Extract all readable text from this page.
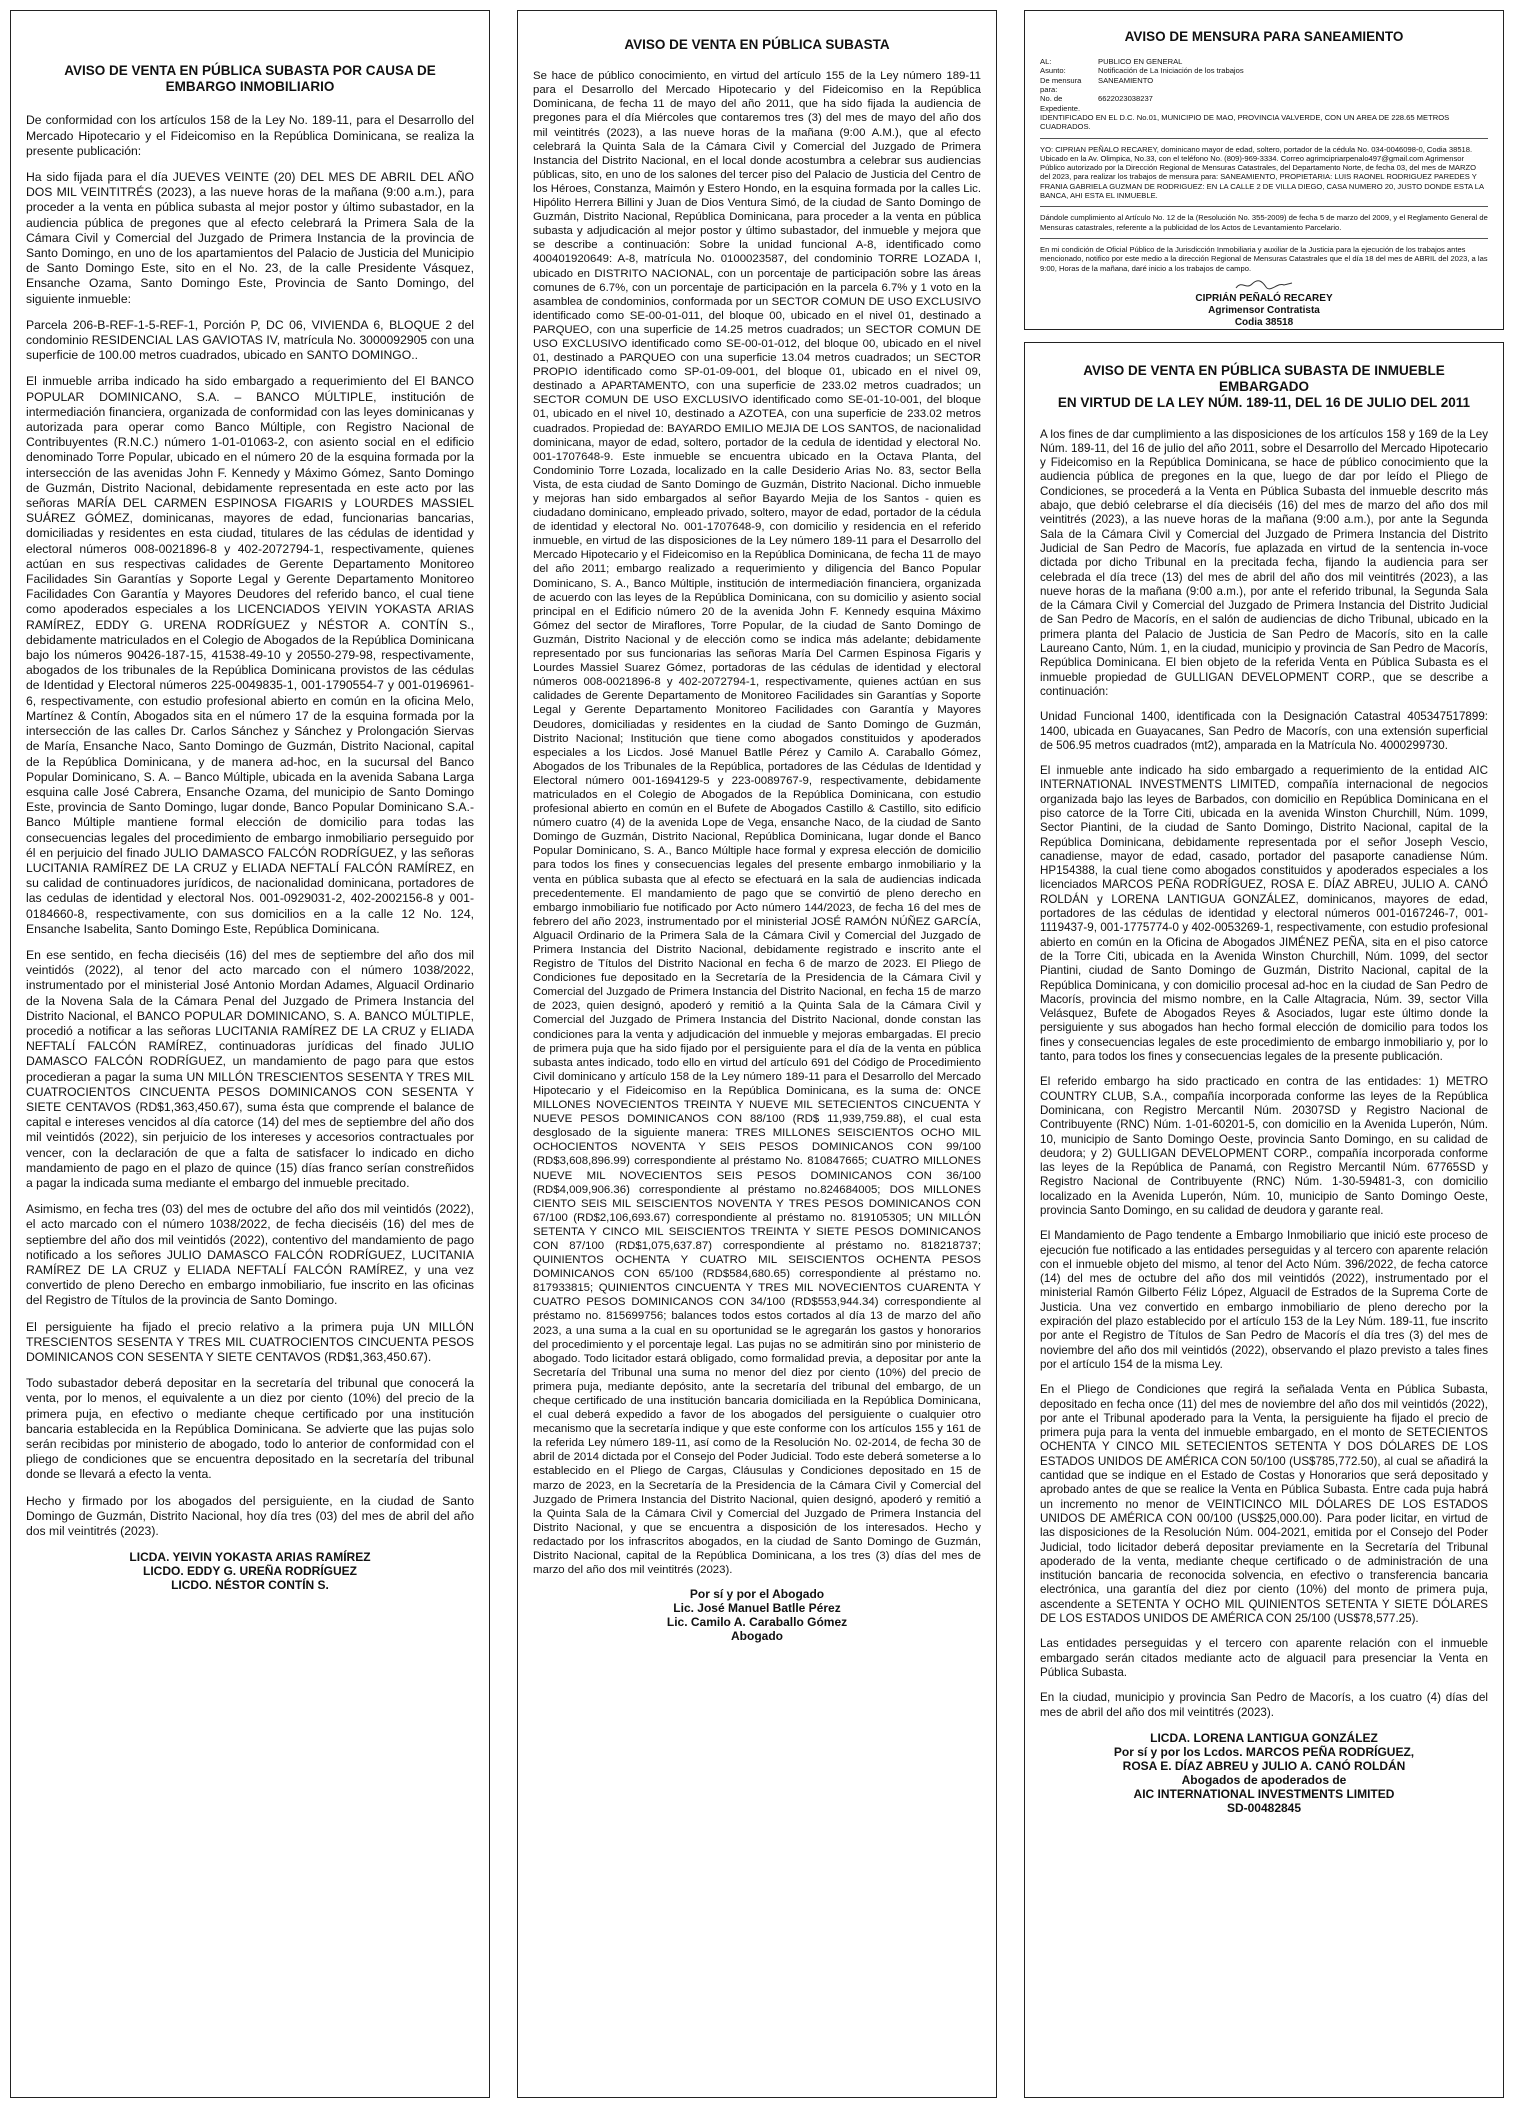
AVISO DE VENTA EN PÚBLICA SUBASTA POR CAUSA DE
EMBARGO INMOBILIARIO

De conformidad con los artículos 158 de la Ley No. 189-11, para el Desarrollo del Mercado Hipotecario y el Fideicomiso en la República Dominicana, se realiza la presente publicación:

Ha sido fijada para el día JUEVES VEINTE (20) DEL MES DE ABRIL DEL AÑO DOS MIL VEINTITRÉS (2023), a las nueve horas de la mañana (9:00 a.m.), para proceder a la venta en pública subasta al mejor postor y último subastador, en la audiencia pública de pregones que al efecto celebrará la Primera Sala de la Cámara Civil y Comercial del Juzgado de Primera Instancia de la provincia de Santo Domingo, en uno de los apartamientos del Palacio de Justicia del Municipio de Santo Domingo Este, sito en el No. 23, de la calle Presidente Vásquez, Ensanche Ozama, Santo Domingo Este, Provincia de Santo Domingo, del siguiente inmueble:

Parcela 206-B-REF-1-5-REF-1, Porción P, DC 06, VIVIENDA 6, BLOQUE 2 del condominio RESIDENCIAL LAS GAVIOTAS IV, matrícula No. 3000092905 con una superficie de 100.00 metros cuadrados, ubicado en SANTO DOMINGO..

El inmueble arriba indicado ha sido embargado a requerimiento del El BANCO POPULAR DOMINICANO, S.A. – BANCO MÚLTIPLE, institución de intermediación financiera, organizada de conformidad con las leyes dominicanas y autorizada para operar como Banco Múltiple, con Registro Nacional de Contribuyentes (R.N.C.) número 1-01-01063-2, con asiento social en el edificio denominado Torre Popular, ubicado en el número 20 de la esquina formada por la intersección de las avenidas John F. Kennedy y Máximo Gómez, Santo Domingo de Guzmán, Distrito Nacional, debidamente representada en este acto por las señoras MARÍA DEL CARMEN ESPINOSA FIGARIS y LOURDES MASSIEL SUÁREZ GÓMEZ, dominicanas, mayores de edad, funcionarias bancarias, domiciliadas y residentes en esta ciudad, titulares de las cédulas de identidad y electoral números 008-0021896-8 y 402-2072794-1, respectivamente, quienes actúan en sus respectivas calidades de Gerente Departamento Monitoreo Facilidades Sin Garantías y Soporte Legal y Gerente Departamento Monitoreo Facilidades Con Garantía y Mayores Deudores del referido banco, el cual tiene como apoderados especiales a los LICENCIADOS YEIVIN YOKASTA ARIAS RAMÍREZ, EDDY G. URENA RODRÍGUEZ y NÉSTOR A. CONTÍN S., debidamente matriculados en el Colegio de Abogados de la República Dominicana bajo los números 90426-187-15, 41538-49-10 y 20550-279-98, respectivamente, abogados de los tribunales de la República Dominicana provistos de las cédulas de Identidad y Electoral números 225-0049835-1, 001-1790554-7 y 001-0196961-6, respectivamente, con estudio profesional abierto en común en la oficina Melo, Martínez & Contín, Abogados sita en el número 17 de la esquina formada por la intersección de las calles Dr. Carlos Sánchez y Sánchez y Prolongación Siervas de María, Ensanche Naco, Santo Domingo de Guzmán, Distrito Nacional, capital de la República Dominicana, y de manera ad-hoc, en la sucursal del Banco Popular Dominicano, S. A. – Banco Múltiple, ubicada en la avenida Sabana Larga esquina calle José Cabrera, Ensanche Ozama, del municipio de Santo Domingo Este, provincia de Santo Domingo, lugar donde, Banco Popular Dominicano S.A.- Banco Múltiple mantiene formal elección de domicilio para todas las consecuencias legales del procedimiento de embargo inmobiliario perseguido por él en perjuicio del finado JULIO DAMASCO FALCÓN RODRÍGUEZ, y las señoras LUCITANIA RAMÍREZ DE LA CRUZ y ELIADA NEFTALÍ FALCÓN RAMÍREZ, en su calidad de continuadores jurídicos, de nacionalidad dominicana, portadores de las cedulas de identidad y electoral Nos. 001-0929031-2, 402-2002156-8 y 001-0184660-8, respectivamente, con sus domicilios en a la calle 12 No. 124, Ensanche Isabelita, Santo Domingo Este, República Dominicana.

En ese sentido, en fecha dieciséis (16) del mes de septiembre del año dos mil veintidós (2022), al tenor del acto marcado con el número 1038/2022, instrumentado por el ministerial José Antonio Mordan Adames, Alguacil Ordinario de la Novena Sala de la Cámara Penal del Juzgado de Primera Instancia del Distrito Nacional, el BANCO POPULAR DOMINICANO, S. A. BANCO MÚLTIPLE, procedió a notificar a las señoras LUCITANIA RAMÍREZ DE LA CRUZ y ELIADA NEFTALÍ FALCÓN RAMÍREZ, continuadoras jurídicas del finado JULIO DAMASCO FALCÓN RODRÍGUEZ, un mandamiento de pago para que estos procedieran a pagar la suma UN MILLÓN TRESCIENTOS SESENTA Y TRES MIL CUATROCIENTOS CINCUENTA PESOS DOMINICANOS CON SESENTA Y SIETE CENTAVOS (RD$1,363,450.67), suma ésta que comprende el balance de capital e intereses vencidos al día catorce (14) del mes de septiembre del año dos mil veintidós (2022), sin perjuicio de los intereses y accesorios contractuales por vencer, con la declaración de que a falta de satisfacer lo indicado en dicho mandamiento de pago en el plazo de quince (15) días franco serían constreñidos a pagar la indicada suma mediante el embargo del inmueble precitado.

Asimismo, en fecha tres (03) del mes de octubre del año dos mil veintidós (2022), el acto marcado con el número 1038/2022, de fecha dieciséis (16) del mes de septiembre del año dos mil veintidós (2022), contentivo del mandamiento de pago notificado a los señores JULIO DAMASCO FALCÓN RODRÍGUEZ, LUCITANIA RAMÍREZ DE LA CRUZ y ELIADA NEFTALÍ FALCÓN RAMÍREZ, y una vez convertido de pleno Derecho en embargo inmobiliario, fue inscrito en las oficinas del Registro de Títulos de la provincia de Santo Domingo.

El persiguiente ha fijado el precio relativo a la primera puja UN MILLÓN TRESCIENTOS SESENTA Y TRES MIL CUATROCIENTOS CINCUENTA PESOS DOMINICANOS CON SESENTA Y SIETE CENTAVOS (RD$1,363,450.67).

Todo subastador deberá depositar en la secretaría del tribunal que conocerá la venta, por lo menos, el equivalente a un diez por ciento (10%) del precio de la primera puja, en efectivo o mediante cheque certificado por una institución bancaria establecida en la República Dominicana. Se advierte que las pujas solo serán recibidas por ministerio de abogado, todo lo anterior de conformidad con el pliego de condiciones que se encuentra depositado en la secretaría del tribunal donde se llevará a efecto la venta.

Hecho y firmado por los abogados del persiguiente, en la ciudad de Santo Domingo de Guzmán, Distrito Nacional, hoy día tres (03) del mes de abril del año dos mil veintitrés (2023).

LICDA. YEIVIN YOKASTA ARIAS RAMÍREZ
LICDO. EDDY G. UREÑA RODRÍGUEZ
LICDO. NÉSTOR CONTÍN S.
AVISO DE VENTA EN PÚBLICA SUBASTA

Se hace de público conocimiento, en virtud del artículo 155 de la Ley número 189-11 para el Desarrollo del Mercado Hipotecario y del Fideicomiso en la República Dominicana, de fecha 11 de mayo del año 2011, que ha sido fijada la audiencia de pregones para el día Miércoles que contaremos tres (3) del mes de mayo del año dos mil veintitrés (2023), a las nueve horas de la mañana (9:00 A.M.), que al efecto celebrará la Quinta Sala de la Cámara Civil y Comercial del Juzgado de Primera Instancia del Distrito Nacional, en el local donde acostumbra a celebrar sus audiencias públicas, sito, en uno de los salones del tercer piso del Palacio de Justicia del Centro de los Héroes, Constanza, Maimón y Estero Hondo, en la esquina formada por la calles Lic. Hipólito Herrera Billini y Juan de Dios Ventura Simó, de la ciudad de Santo Domingo de Guzmán, Distrito Nacional, República Dominicana, para proceder a la venta en pública subasta y adjudicación al mejor postor y último subastador, del inmueble y mejora que se describe a continuación: Sobre la unidad funcional A-8, identificado como 400401920649: A-8, matrícula No. 0100023587, del condominio TORRE LOZADA I, ubicado en DISTRITO NACIONAL, con un porcentaje de participación sobre las áreas comunes de 6.7%, con un porcentaje de participación en la parcela 6.7% y 1 voto en la asamblea de condominios, conformada por un SECTOR COMUN DE USO EXCLUSIVO identificado como SE-00-01-011, del bloque 00, ubicado en el nivel 01, destinado a PARQUEO, con una superficie de 14.25 metros cuadrados; un SECTOR COMUN DE USO EXCLUSIVO identificado como SE-00-01-012, del bloque 00, ubicado en el nivel 01, destinado a PARQUEO con una superficie 13.04 metros cuadrados; un SECTOR PROPIO identificado como SP-01-09-001, del bloque 01, ubicado en el nivel 09, destinado a APARTAMENTO, con una superficie de 233.02 metros cuadrados; un SECTOR COMUN DE USO EXCLUSIVO identificado como SE-01-10-001, del bloque 01, ubicado en el nivel 10, destinado a AZOTEA, con una superficie de 233.02 metros cuadrados. Propiedad de: BAYARDO EMILIO MEJIA DE LOS SANTOS, de nacionalidad dominicana, mayor de edad, soltero, portador de la cedula de identidad y electoral No. 001-1707648-9. Este inmueble se encuentra ubicado en la Octava Planta, del Condominio Torre Lozada, localizado en la calle Desiderio Arias No. 83, sector Bella Vista, de esta ciudad de Santo Domingo de Guzmán, Distrito Nacional. Dicho inmueble y mejoras han sido embargados al señor Bayardo Mejia de los Santos - quien es ciudadano dominicano, empleado privado, soltero, mayor de edad, portador de la cédula de identidad y electoral No. 001-1707648-9, con domicilio y residencia en el referido inmueble, en virtud de las disposiciones de la Ley número 189-11 para el Desarrollo del Mercado Hipotecario y el Fideicomiso en la República Dominicana, de fecha 11 de mayo del año 2011; embargo realizado a requerimiento y diligencia del Banco Popular Dominicano, S. A., Banco Múltiple, institución de intermediación financiera, organizada de acuerdo con las leyes de la República Dominicana, con su domicilio y asiento social principal en el Edificio número 20 de la avenida John F. Kennedy esquina Máximo Gómez del sector de Miraflores, Torre Popular, de la ciudad de Santo Domingo de Guzmán, Distrito Nacional y de elección como se indica más adelante; debidamente representado por sus funcionarias las señoras María Del Carmen Espinosa Figaris y Lourdes Massiel Suarez Gómez, portadoras de las cédulas de identidad y electoral números 008-0021896-8 y 402-2072794-1, respectivamente, quienes actúan en sus calidades de Gerente Departamento de Monitoreo Facilidades sin Garantías y Soporte Legal y Gerente Departamento Monitoreo Facilidades con Garantía y Mayores Deudores, domiciliadas y residentes en la ciudad de Santo Domingo de Guzmán, Distrito Nacional; Institución que tiene como abogados constituidos y apoderados especiales a los Licdos. José Manuel Batlle Pérez y Camilo A. Caraballo Gómez, Abogados de los Tribunales de la República, portadores de las Cédulas de Identidad y Electoral número 001-1694129-5 y 223-0089767-9, respectivamente, debidamente matriculados en el Colegio de Abogados de la República Dominicana, con estudio profesional abierto en común en el Bufete de Abogados Castillo & Castillo, sito edificio número cuatro (4) de la avenida Lope de Vega, ensanche Naco, de la ciudad de Santo Domingo de Guzmán, Distrito Nacional, República Dominicana, lugar donde el Banco Popular Dominicano, S. A., Banco Múltiple hace formal y expresa elección de domicilio para todos los fines y consecuencias legales del presente embargo inmobiliario y la venta en pública subasta que al efecto se efectuará en la sala de audiencias indicada precedentemente. El mandamiento de pago que se convirtió de pleno derecho en embargo inmobiliario fue notificado por Acto número 144/2023, de fecha 16 del mes de febrero del año 2023, instrumentado por el ministerial JOSÉ RAMÓN NÚÑEZ GARCÍA, Alguacil Ordinario de la Primera Sala de la Cámara Civil y Comercial del Juzgado de Primera Instancia del Distrito Nacional, debidamente registrado e inscrito ante el Registro de Títulos del Distrito Nacional en fecha 6 de marzo de 2023. El Pliego de Condiciones fue depositado en la Secretaría de la Presidencia de la Cámara Civil y Comercial del Juzgado de Primera Instancia del Distrito Nacional, en fecha 15 de marzo de 2023, quien designó, apoderó y remitió a la Quinta Sala de la Cámara Civil y Comercial del Juzgado de Primera Instancia del Distrito Nacional, donde constan las condiciones para la venta y adjudicación del inmueble y mejoras embargadas. El precio de primera puja que ha sido fijado por el persiguiente para el día de la venta en pública subasta antes indicado, todo ello en virtud del artículo 691 del Código de Procedimiento Civil dominicano y artículo 158 de la Ley número 189-11 para el Desarrollo del Mercado Hipotecario y el Fideicomiso en la República Dominicana, es la suma de: ONCE MILLONES NOVECIENTOS TREINTA Y NUEVE MIL SETECIENTOS CINCUENTA Y NUEVE PESOS DOMINICANOS CON 88/100 (RD$ 11,939,759.88), el cual esta desglosado de la siguiente manera: TRES MILLONES SEISCIENTOS OCHO MIL OCHOCIENTOS NOVENTA Y SEIS PESOS DOMINICANOS CON 99/100 (RD$3,608,896.99) correspondiente al préstamo No. 810847665; CUATRO MILLONES NUEVE MIL NOVECIENTOS SEIS PESOS DOMINICANOS CON 36/100 (RD$4,009,906.36) correspondiente al préstamo no.824684005; DOS MILLONES CIENTO SEIS MIL SEISCIENTOS NOVENTA Y TRES PESOS DOMINICANOS CON 67/100 (RD$2,106,693.67) correspondiente al préstamo no. 819105305; UN MILLÓN SETENTA Y CINCO MIL SEISCIENTOS TREINTA Y SIETE PESOS DOMINICANOS CON 87/100 (RD$1,075,637.87) correspondiente al préstamo no. 818218737; QUINIENTOS OCHENTA Y CUATRO MIL SEISCIENTOS OCHENTA PESOS DOMINICANOS CON 65/100 (RD$584,680.65) correspondiente al préstamo no. 817933815; QUINIENTOS CINCUENTA Y TRES MIL NOVECIENTOS CUARENTA Y CUATRO PESOS DOMINICANOS CON 34/100 (RD$553,944.34) correspondiente al préstamo no. 815699756; balances todos estos cortados al día 13 de marzo del año 2023, a una suma a la cual en su oportunidad se le agregarán los gastos y honorarios del procedimiento y el porcentaje legal. Las pujas no se admitirán sino por ministerio de abogado. Todo licitador estará obligado, como formalidad previa, a depositar por ante la Secretaría del Tribunal una suma no menor del diez por ciento (10%) del precio de primera puja, mediante depósito, ante la secretaría del tribunal del embargo, de un cheque certificado de una institución bancaria domiciliada en la República Dominicana, el cual deberá expedido a favor de los abogados del persiguiente o cualquier otro mecanismo que la secretaría indique y que este conforme con los artículos 155 y 161 de la referida Ley número 189-11, así como de la Resolución No. 02-2014, de fecha 30 de abril de 2014 dictada por el Consejo del Poder Judicial. Todo este deberá someterse a lo establecido en el Pliego de Cargas, Cláusulas y Condiciones depositado en 15 de marzo de 2023, en la Secretaría de la Presidencia de la Cámara Civil y Comercial del Juzgado de Primera Instancia del Distrito Nacional, quien designó, apoderó y remitió a la Quinta Sala de la Cámara Civil y Comercial del Juzgado de Primera Instancia del Distrito Nacional, y que se encuentra a disposición de los interesados. Hecho y redactado por los infrascritos abogados, en la ciudad de Santo Domingo de Guzmán, Distrito Nacional, capital de la República Dominicana, a los tres (3) días del mes de marzo del año dos mil veintitrés (2023).

Por sí y por el Abogado
Lic. José Manuel Batlle Pérez
Lic. Camilo A. Caraballo Gómez
Abogado
AVISO DE MENSURA PARA SANEAMIENTO
AL:	PUBLICO EN GENERAL
Asunto:	Notificación de La Iniciación de los trabajos
De mensura para:
SANEAMIENTO
No. de Expediente.
6622023038237

IDENTIFICADO EN EL D.C. No.01, MUNICIPIO DE MAO, PROVINCIA VALVERDE, CON UN AREA DE 228.65 METROS CUADRADOS.

YO: CIPRIAN PEÑALO RECAREY, dominicano mayor de edad, soltero, portador de la cédula No. 034-0046098-0, Codia 38518. Ubicado en la Av. Olimpica, No.33, con el teléfono No. (809)-969-3334. Correo agrimcipriarpenalo497@gmail.com Agrimensor Público autorizado por la Dirección Regional de Mensuras Catastrales, del Departamento Norte, de fecha 03, del mes de MARZO del 2023, para realizar los trabajos de mensura para: SANEAMIENTO, PROPIETARIA: LUIS RAONEL RODRIGUEZ PAREDES Y FRANIA GABRIELA GUZMAN DE RODRIGUEZ: EN LA CALLE 2 DE VILLA DIEGO, CASA NUMERO 20, JUSTO DONDE ESTA LA BANCA, AHI ESTA EL INMUEBLE.

Dándole cumplimiento al Artículo No. 12 de la (Resolución No. 355-2009) de fecha 5 de marzo del 2009, y el Reglamento General de Mensuras catastrales, referente a la publicidad de los Actos de Levantamiento Parcelario.

En mi condición de Oficial Público de la Jurisdicción Inmobiliaria y auxiliar de la Justicia para la ejecución de los trabajos antes mencionado, notifico por este medio a la dirección Regional de Mensuras Catastrales que el día 18 del mes de ABRIL del 2023, a las 9:00, Horas de la mañana, daré inicio a los trabajos de campo.

CIPRIÁN PEÑALÓ RECAREY
Agrimensor Contratista
Codia 38518
AVISO DE VENTA EN PÚBLICA SUBASTA DE INMUEBLE
EMBARGADO
EN VIRTUD DE LA LEY NÚM. 189-11, DEL 16 DE JULIO DEL 2011

A los fines de dar cumplimiento a las disposiciones de los artículos 158 y 169 de la Ley Núm. 189-11, del 16 de julio del año 2011, sobre el Desarrollo del Mercado Hipotecario y Fideicomiso en la República Dominicana, se hace de público conocimiento que la audiencia pública de pregones en la que, luego de dar por leído el Pliego de Condiciones, se procederá a la Venta en Pública Subasta del inmueble descrito más abajo, que debió celebrarse el día dieciséis (16) del mes de marzo del año dos mil veintitrés (2023), a las nueve horas de la mañana (9:00 a.m.), por ante la Segunda Sala de la Cámara Civil y Comercial del Juzgado de Primera Instancia del Distrito Judicial de San Pedro de Macorís, fue aplazada en virtud de la sentencia in-voce dictada por dicho Tribunal en la precitada fecha, fijando la audiencia para ser celebrada el día trece (13) del mes de abril del año dos mil veintitrés (2023), a las nueve horas de la mañana (9:00 a.m.), por ante el referido tribunal, la Segunda Sala de la Cámara Civil y Comercial del Juzgado de Primera Instancia del Distrito Judicial de San Pedro de Macorís, en el salón de audiencias de dicho Tribunal, ubicado en la primera planta del Palacio de Justicia de San Pedro de Macorís, sito en la calle Laureano Canto, Núm. 1, en la ciudad, municipio y provincia de San Pedro de Macorís, República Dominicana. El bien objeto de la referida Venta en Pública Subasta es el inmueble propiedad de GULLIGAN DEVELOPMENT CORP., que se describe a continuación:

Unidad Funcional 1400, identificada con la Designación Catastral 405347517899: 1400, ubicada en Guayacanes, San Pedro de Macorís, con una extensión superficial de 506.95 metros cuadrados (mt2), amparada en la Matrícula No. 4000299730.

El inmueble ante indicado ha sido embargado a requerimiento de la entidad AIC INTERNATIONAL INVESTMENTS LIMITED, compañía internacional de negocios organizada bajo las leyes de Barbados, con domicilio en República Dominicana en el piso catorce de la Torre Citi, ubicada en la avenida Winston Churchill, Núm. 1099, Sector Piantini, de la ciudad de Santo Domingo, Distrito Nacional, capital de la República Dominicana, debidamente representada por el señor Joseph Vescio, canadiense, mayor de edad, casado, portador del pasaporte canadiense Núm. HP154388, la cual tiene como abogados constituidos y apoderados especiales a los licenciados MARCOS PEÑA RODRÍGUEZ, ROSA E. DÍAZ ABREU, JULIO A. CANÓ ROLDÁN y LORENA LANTIGUA GONZÁLEZ, dominicanos, mayores de edad, portadores de las cédulas de identidad y electoral números 001-0167246-7, 001-1119437-9, 001-1775774-0 y 402-0053269-1, respectivamente, con estudio profesional abierto en común en la Oficina de Abogados JIMÉNEZ PEÑA, sita en el piso catorce de la Torre Citi, ubicada en la Avenida Winston Churchill, Núm. 1099, del sector Piantini, ciudad de Santo Domingo de Guzmán, Distrito Nacional, capital de la República Dominicana, y con domicilio procesal ad-hoc en la ciudad de San Pedro de Macorís, provincia del mismo nombre, en la Calle Altagracia, Núm. 39, sector Villa Velásquez, Bufete de Abogados Reyes & Asociados, lugar este último donde la persiguiente y sus abogados han hecho formal elección de domicilio para todos los fines y consecuencias legales de este procedimiento de embargo inmobiliario y, por lo tanto, para todos los fines y consecuencias legales de la presente publicación.

El referido embargo ha sido practicado en contra de las entidades: 1) METRO COUNTRY CLUB, S.A., compañía incorporada conforme las leyes de la República Dominicana, con Registro Mercantil Núm. 20307SD y Registro Nacional de Contribuyente (RNC) Núm. 1-01-60201-5, con domicilio en la Avenida Luperón, Núm. 10, municipio de Santo Domingo Oeste, provincia Santo Domingo, en su calidad de deudora; y 2) GULLIGAN DEVELOPMENT CORP., compañía incorporada conforme las leyes de la República de Panamá, con Registro Mercantil Núm. 67765SD y Registro Nacional de Contribuyente (RNC) Núm. 1-30-59481-3, con domicilio localizado en la Avenida Luperón, Núm. 10, municipio de Santo Domingo Oeste, provincia Santo Domingo, en su calidad de deudora y garante real.

El Mandamiento de Pago tendente a Embargo Inmobiliario que inició este proceso de ejecución fue notificado a las entidades perseguidas y al tercero con aparente relación con el inmueble objeto del mismo, al tenor del Acto Núm. 396/2022, de fecha catorce (14) del mes de octubre del año dos mil veintidós (2022), instrumentado por el ministerial Ramón Gilberto Féliz López, Alguacil de Estrados de la Suprema Corte de Justicia. Una vez convertido en embargo inmobiliario de pleno derecho por la expiración del plazo establecido por el artículo 153 de la Ley Núm. 189-11, fue inscrito por ante el Registro de Títulos de San Pedro de Macorís el día tres (3) del mes de noviembre del año dos mil veintidós (2022), observando el plazo previsto a tales fines por el artículo 154 de la misma Ley.

En el Pliego de Condiciones que regirá la señalada Venta en Pública Subasta, depositado en fecha once (11) del mes de noviembre del año dos mil veintidós (2022), por ante el Tribunal apoderado para la Venta, la persiguiente ha fijado el precio de primera puja para la venta del inmueble embargado, en el monto de SETECIENTOS OCHENTA Y CINCO MIL SETECIENTOS SETENTA Y DOS DÓLARES DE LOS ESTADOS UNIDOS DE AMÉRICA CON 50/100 (US$785,772.50), al cual se añadirá la cantidad que se indique en el Estado de Costas y Honorarios que será depositado y aprobado antes de que se realice la Venta en Pública Subasta. Entre cada puja habrá un incremento no menor de VEINTICINCO MIL DÓLARES DE LOS ESTADOS UNIDOS DE AMÉRICA CON 00/100 (US$25,000.00). Para poder licitar, en virtud de las disposiciones de la Resolución Núm. 004-2021, emitida por el Consejo del Poder Judicial, todo licitador deberá depositar previamente en la Secretaría del Tribunal apoderado de la venta, mediante cheque certificado o de administración de una institución bancaria de reconocida solvencia, en efectivo o transferencia bancaria electrónica, una garantía del diez por ciento (10%) del monto de primera puja, ascendente a SETENTA Y OCHO MIL QUINIENTOS SETENTA Y SIETE DÓLARES DE LOS ESTADOS UNIDOS DE AMÉRICA CON 25/100 (US$78,577.25).

Las entidades perseguidas y el tercero con aparente relación con el inmueble embargado serán citados mediante acto de alguacil para presenciar la Venta en Pública Subasta.

En la ciudad, municipio y provincia San Pedro de Macorís, a los cuatro (4) días del mes de abril del año dos mil veintitrés (2023).

LICDA. LORENA LANTIGUA GONZÁLEZ
Por sí y por los Lcdos. MARCOS PEÑA RODRÍGUEZ,
ROSA E. DÍAZ ABREU y JULIO A. CANÓ ROLDÁN
Abogados de apoderados de
AIC INTERNATIONAL INVESTMENTS LIMITED
SD-00482845
